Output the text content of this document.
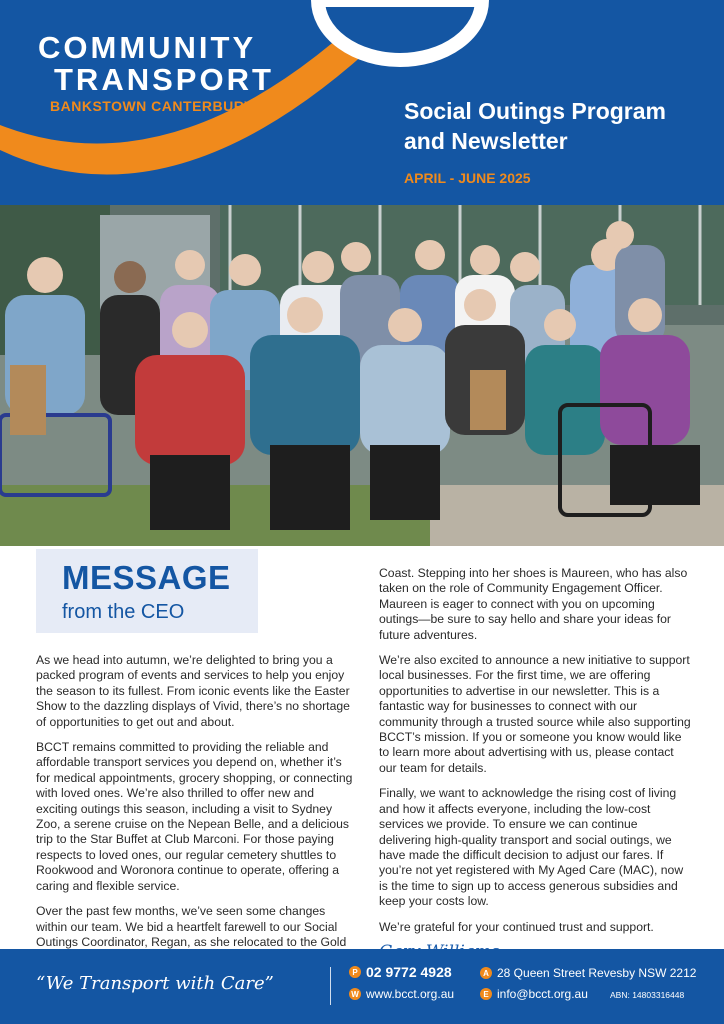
COMMUNITY
TRANSPORT
BANKSTOWN CANTERBURY	Social Outings Program
and Newsletter
APRIL - JUNE 2025
MESSAGE
from the CEO

As we head into autumn, we’re delighted to bring you a packed program of events and services to help you enjoy the season to its fullest. From iconic events like the Easter Show to the dazzling displays of Vivid, there’s no shortage of opportunities to get out and about.

BCCT remains committed to providing the reliable and affordable transport services you depend on, whether it’s for medical appointments, grocery shopping, or connecting with loved ones. We’re also thrilled to offer new and exciting outings this season, including a visit to Sydney Zoo, a serene cruise on the Nepean Belle, and a delicious trip to the Star Buffet at Club Marconi. For those paying respects to loved ones, our regular cemetery shuttles to Rookwood and Woronora continue to operate, offering a caring and flexible service.

Over the past few months, we’ve seen some changes within our team. We bid a heartfelt farewell to our Social Outings Coordinator, Regan, as she relocated to the Gold

Coast. Stepping into her shoes is Maureen, who has also taken on the role of Community Engagement Officer. Maureen is eager to connect with you on upcoming outings—be sure to say hello and share your ideas for future adventures.

We’re also excited to announce a new initiative to support local businesses. For the first time, we are offering opportunities to advertise in our newsletter. This is a fantastic way for businesses to connect with our community through a trusted source while also supporting BCCT’s mission. If you or someone you know would like to learn more about advertising with us, please contact our team for details.

Finally, we want to acknowledge the rising cost of living and how it affects everyone, including the low-cost services we provide. To ensure we can continue delivering high-quality transport and social outings, we have made the difficult decision to adjust our fares. If you’re not yet registered with My Aged Care (MAC), now is the time to sign up to access generous subsidies and keep your costs low.

We’re grateful for your continued trust and support.

“We Transport with Care”
P 02 9772 4928
W www.bcct.org.au
A 28 Queen Street Revesby NSW 2212
E info@bcct.org.au	ABN: 14803316448
